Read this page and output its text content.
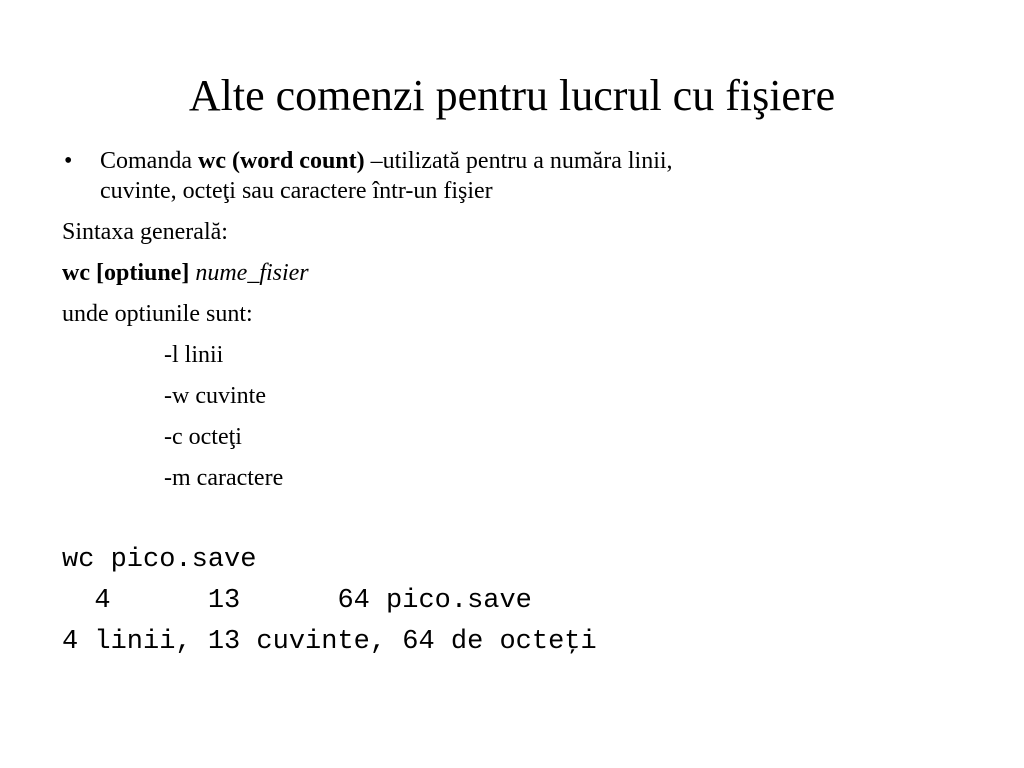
Alte comenzi pentru lucrul cu fişiere
• Comanda wc (word count) –utilizată pentru a număra linii,
cuvinte, octeţi sau caractere într-un fişier
Sintaxa generală:
wc [optiune] nume_fisier
unde optiunile sunt:
-l linii
-w cuvinte
-c octeţi
-m caractere
wc pico.save
4      13      64 pico.save
4 linii, 13 cuvinte, 64 de octeţi
